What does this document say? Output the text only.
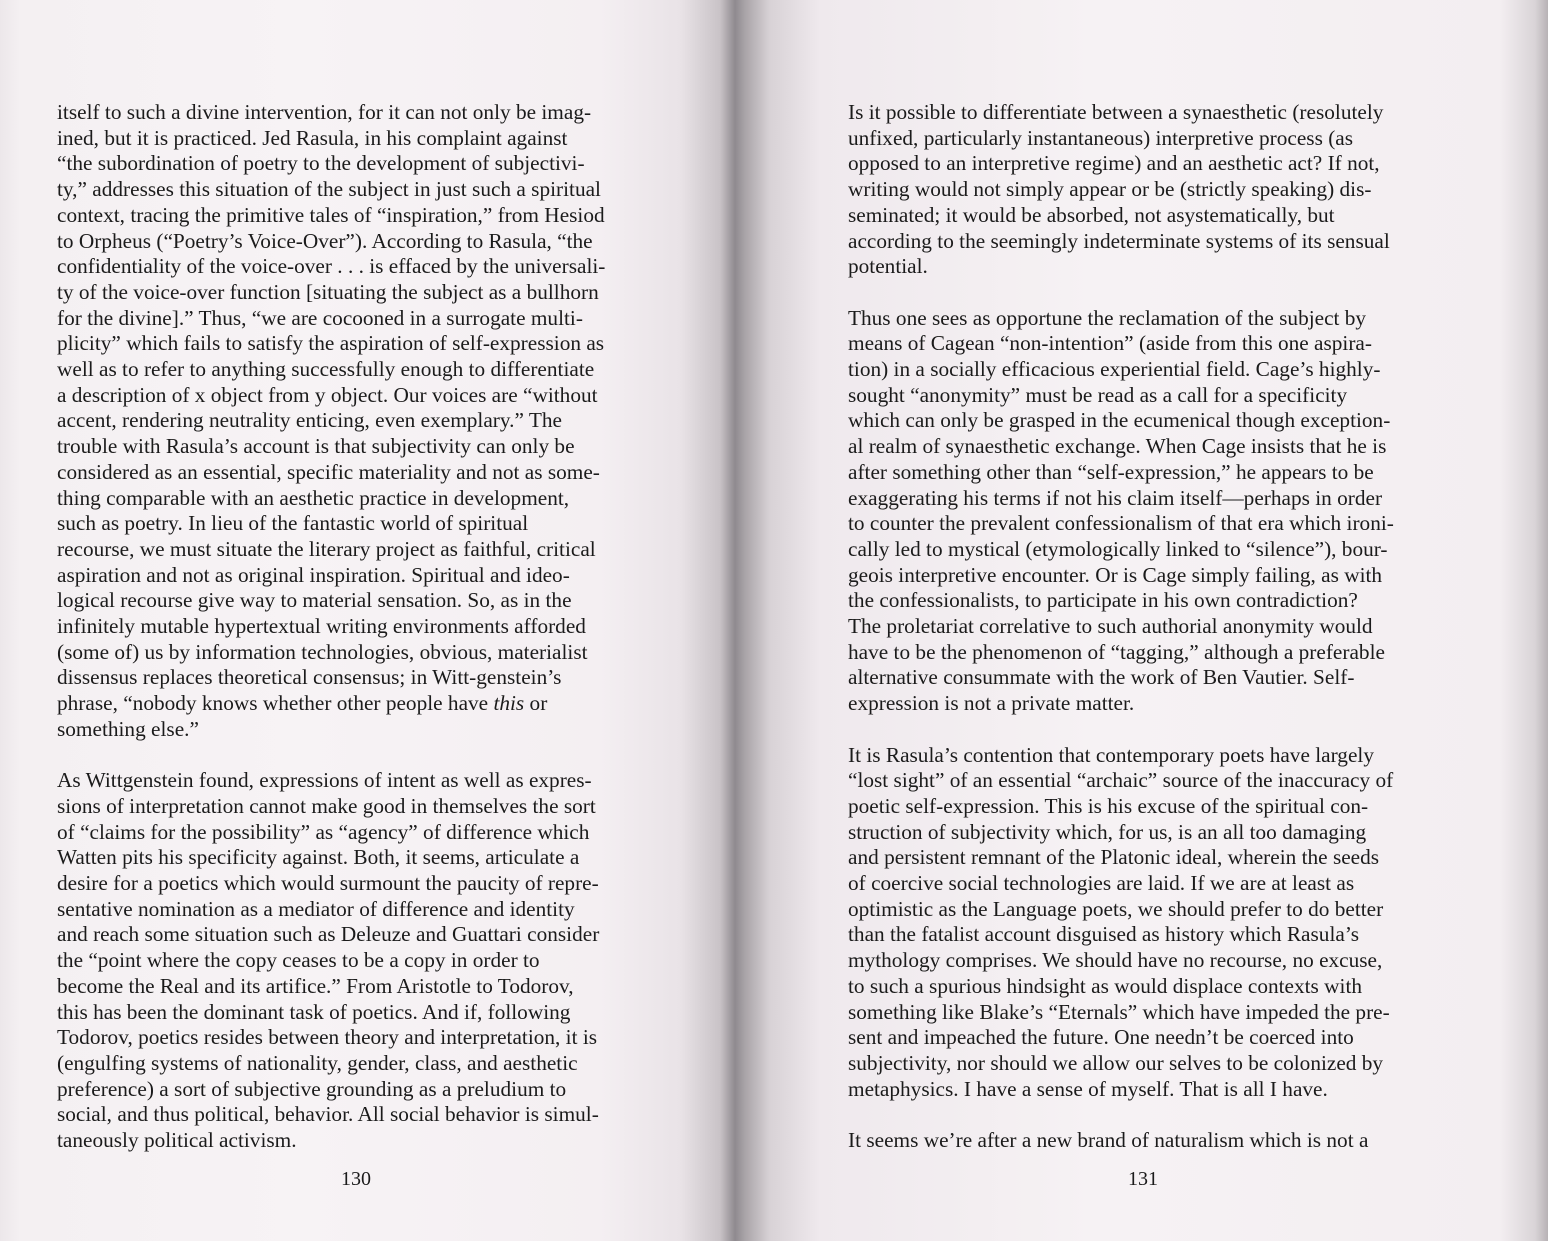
itself to such a divine intervention, for it can not only be imag-
ined, but it is practiced. Jed Rasula, in his complaint against
“the subordination of poetry to the development of subjectivi-
ty,” addresses this situation of the subject in just such a spiritual
context, tracing the primitive tales of “inspiration,” from Hesiod
to Orpheus (“Poetry’s Voice-Over”). According to Rasula, “the
confidentiality of the voice-over . . . is effaced by the universali-
ty of the voice-over function [situating the subject as a bullhorn
for the divine].” Thus, “we are cocooned in a surrogate multi-
plicity” which fails to satisfy the aspiration of self-expression as
well as to refer to anything successfully enough to differentiate
a description of x object from y object. Our voices are “without
accent, rendering neutrality enticing, even exemplary.” The
trouble with Rasula’s account is that subjectivity can only be
considered as an essential, specific materiality and not as some-
thing comparable with an aesthetic practice in development,
such as poetry. In lieu of the fantastic world of spiritual
recourse, we must situate the literary project as faithful, critical
aspiration and not as original inspiration. Spiritual and ideo-
logical recourse give way to material sensation. So, as in the
infinitely mutable hypertextual writing environments afforded
(some of) us by information technologies, obvious, materialist
dissensus replaces theoretical consensus; in Witt-genstein’s
phrase, “nobody knows whether other people have this or
something else.”

As Wittgenstein found, expressions of intent as well as expres-
sions of interpretation cannot make good in themselves the sort
of “claims for the possibility” as “agency” of difference which
Watten pits his specificity against. Both, it seems, articulate a
desire for a poetics which would surmount the paucity of repre-
sentative nomination as a mediator of difference and identity
and reach some situation such as Deleuze and Guattari consider
the “point where the copy ceases to be a copy in order to
become the Real and its artifice.” From Aristotle to Todorov,
this has been the dominant task of poetics. And if, following
Todorov, poetics resides between theory and interpretation, it is
(engulfing systems of nationality, gender, class, and aesthetic
preference) a sort of subjective grounding as a preludium to
social, and thus political, behavior. All social behavior is simul-
taneously political activism.

130

Is it possible to differentiate between a synaesthetic (resolutely
unfixed, particularly instantaneous) interpretive process (as
opposed to an interpretive regime) and an aesthetic act? If not,
writing would not simply appear or be (strictly speaking) dis-
seminated; it would be absorbed, not asystematically, but
according to the seemingly indeterminate systems of its sensual
potential.

Thus one sees as opportune the reclamation of the subject by
means of Cagean “non-intention” (aside from this one aspira-
tion) in a socially efficacious experiential field. Cage’s highly-
sought “anonymity” must be read as a call for a specificity
which can only be grasped in the ecumenical though exception-
al realm of synaesthetic exchange. When Cage insists that he is
after something other than “self-expression,” he appears to be
exaggerating his terms if not his claim itself—perhaps in order
to counter the prevalent confessionalism of that era which ironi-
cally led to mystical (etymologically linked to “silence”), bour-
geois interpretive encounter. Or is Cage simply failing, as with
the confessionalists, to participate in his own contradiction?
The proletariat correlative to such authorial anonymity would
have to be the phenomenon of “tagging,” although a preferable
alternative consummate with the work of Ben Vautier. Self-
expression is not a private matter.

It is Rasula’s contention that contemporary poets have largely
“lost sight” of an essential “archaic” source of the inaccuracy of
poetic self-expression. This is his excuse of the spiritual con-
struction of subjectivity which, for us, is an all too damaging
and persistent remnant of the Platonic ideal, wherein the seeds
of coercive social technologies are laid. If we are at least as
optimistic as the Language poets, we should prefer to do better
than the fatalist account disguised as history which Rasula’s
mythology comprises. We should have no recourse, no excuse,
to such a spurious hindsight as would displace contexts with
something like Blake’s “Eternals” which have impeded the pre-
sent and impeached the future. One needn’t be coerced into
subjectivity, nor should we allow our selves to be colonized by
metaphysics. I have a sense of myself. That is all I have.

It seems we’re after a new brand of naturalism which is not a

131
